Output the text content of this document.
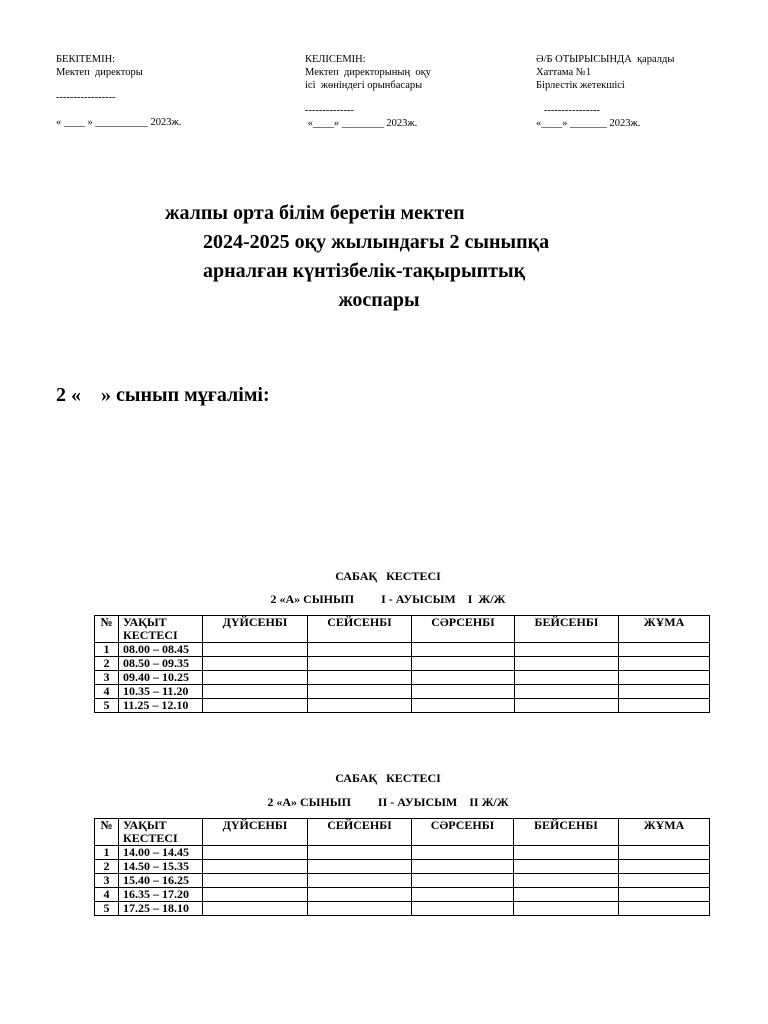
БЕКІТЕМІН:
Мектеп  директоры
-----------------
« ____ » __________ 2023ж.
КЕЛІСЕМІН:
Мектеп  директорының  оқу
ісі  жөніндегі орынбасары
--------------
«____» ________ 2023ж.
Ә/Б ОТЫРЫСЫНДА  қаралды
Хаттама №1
Бірлестік жетекшісі
----------------
«____» _______ 2023ж.
жалпы орта білім беретін мектеп
2024-2025 оқу жылындағы 2 сыныпқа
арналған күнтізбелік-тақырыптық
жоспары
2 «    » сынып мұғалімі:
САБАҚ   КЕСТЕСІ
2 «А» СЫНЫП         І - АУЫСЫМ    І  Ж/Ж
№	УАҚЫТ КЕСТЕСІ	ДҮЙСЕНБІ	СЕЙСЕНБІ	СӘРСЕНБІ	БЕЙСЕНБІ	ЖҰМА
1	08.00 – 08.45					
2	08.50 – 09.35					
3	09.40 – 10.25					
4	10.35 – 11.20					
5	11.25 – 12.10					
САБАҚ   КЕСТЕСІ
2 «А» СЫНЫП         ІІ - АУЫСЫМ    ІІ Ж/Ж
№	УАҚЫТ КЕСТЕСІ	ДҮЙСЕНБІ	СЕЙСЕНБІ	СӘРСЕНБІ	БЕЙСЕНБІ	ЖҰМА
1	14.00 – 14.45					
2	14.50 – 15.35					
3	15.40 – 16.25					
4	16.35 – 17.20					
5	17.25 – 18.10					
